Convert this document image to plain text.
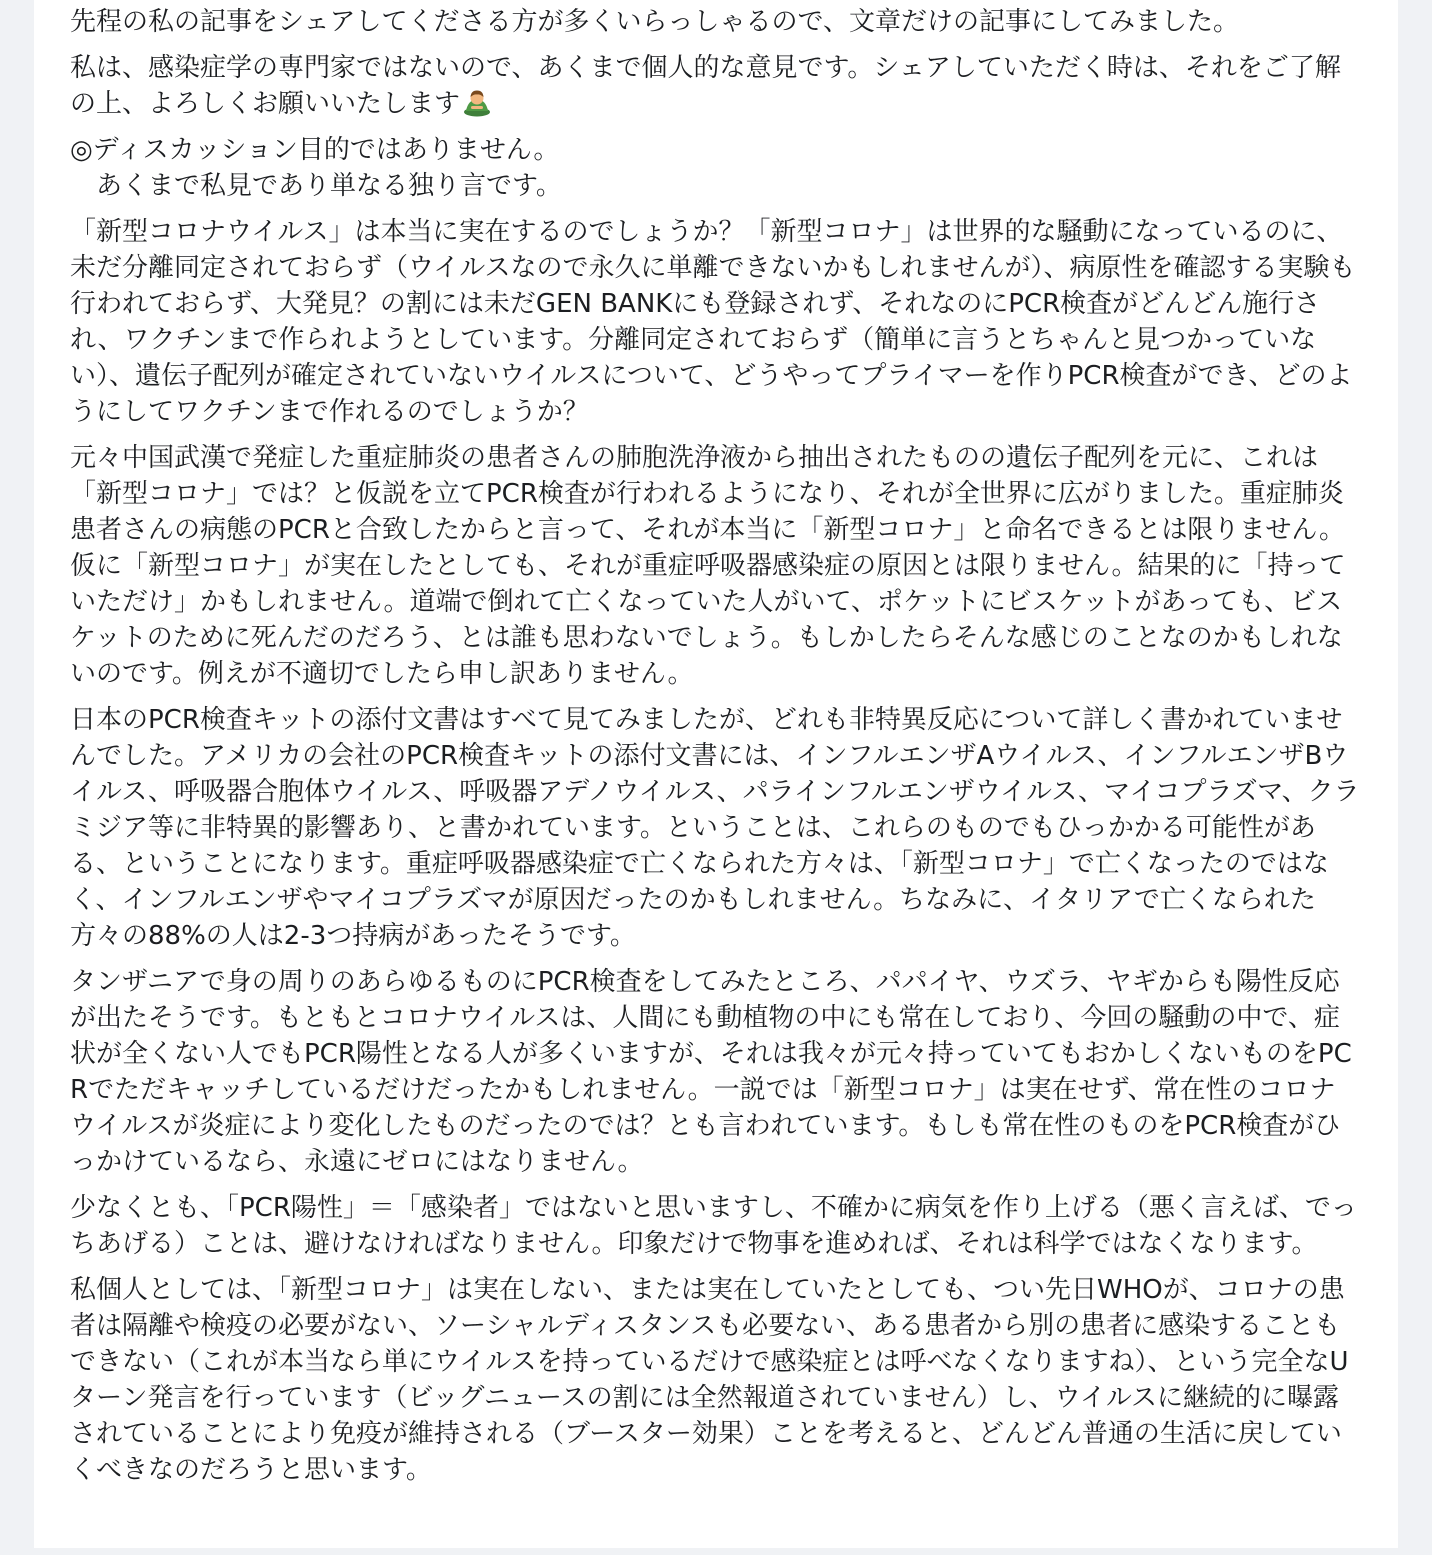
先程の私の記事をシェアしてくださる方が多くいらっしゃるので、文章だけの記事にしてみました。

私は、感染症学の専門家ではないので、あくまで個人的な意見です。シェアしていただく時は、それをご了解の上、よろしくお願いいたします

◎ディスカッション目的ではありません。
　あくまで私見であり単なる独り言です。

「新型コロナウイルス」は本当に実在するのでしょうか？「新型コロナ」は世界的な騒動になっているのに、未だ分離同定されておらず（ウイルスなので永久に単離できないかもしれませんが）、病原性を確認する実験も行われておらず、大発見？の割には未だGEN BANKにも登録されず、それなのにPCR検査がどんどん施行され、ワクチンまで作られようとしています。分離同定されておらず（簡単に言うとちゃんと見つかっていない）、遺伝子配列が確定されていないウイルスについて、どうやってプライマーを作りPCR検査ができ、どのようにしてワクチンまで作れるのでしょうか？

元々中国武漢で発症した重症肺炎の患者さんの肺胞洗浄液から抽出されたものの遺伝子配列を元に、これは「新型コロナ」では？と仮説を立てPCR検査が行われるようになり、それが全世界に広がりました。重症肺炎患者さんの病態のPCRと合致したからと言って、それが本当に「新型コロナ」と命名できるとは限りません。仮に「新型コロナ」が実在したとしても、それが重症呼吸器感染症の原因とは限りません。結果的に「持っていただけ」かもしれません。道端で倒れて亡くなっていた人がいて、ポケットにビスケットがあっても、ビスケットのために死んだのだろう、とは誰も思わないでしょう。もしかしたらそんな感じのことなのかもしれないのです。例えが不適切でしたら申し訳ありません。

日本のPCR検査キットの添付文書はすべて見てみましたが、どれも非特異反応について詳しく書かれていませんでした。アメリカの会社のPCR検査キットの添付文書には、インフルエンザAウイルス、インフルエンザBウイルス、呼吸器合胞体ウイルス、呼吸器アデノウイルス、パラインフルエンザウイルス、マイコプラズマ、クラミジア等に非特異的影響あり、と書かれています。ということは、これらのものでもひっかかる可能性がある、ということになります。重症呼吸器感染症で亡くなられた方々は、「新型コロナ」で亡くなったのではなく、インフルエンザやマイコプラズマが原因だったのかもしれません。ちなみに、イタリアで亡くなられた方々の88%の人は2-3つ持病があったそうです。

タンザニアで身の周りのあらゆるものにPCR検査をしてみたところ、パパイヤ、ウズラ、ヤギからも陽性反応が出たそうです。もともとコロナウイルスは、人間にも動植物の中にも常在しており、今回の騒動の中で、症状が全くない人でもPCR陽性となる人が多くいますが、それは我々が元々持っていてもおかしくないものをPCRでただキャッチしているだけだったかもしれません。一説では「新型コロナ」は実在せず、常在性のコロナウイルスが炎症により変化したものだったのでは？とも言われています。もしも常在性のものをPCR検査がひっかけているなら、永遠にゼロにはなりません。

少なくとも、「PCR陽性」＝「感染者」ではないと思いますし、不確かに病気を作り上げる（悪く言えば、でっちあげる）ことは、避けなければなりません。印象だけで物事を進めれば、それは科学ではなくなります。

私個人としては、「新型コロナ」は実在しない、または実在していたとしても、つい先日WHOが、コロナの患者は隔離や検疫の必要がない、ソーシャルディスタンスも必要ない、ある患者から別の患者に感染することもできない（これが本当なら単にウイルスを持っているだけで感染症とは呼べなくなりますね）、という完全なUターン発言を行っています（ビッグニュースの割には全然報道されていません）し、ウイルスに継続的に曝露されていることにより免疫が維持される（ブースター効果）ことを考えると、どんどん普通の生活に戻していくべきなのだろうと思います。
